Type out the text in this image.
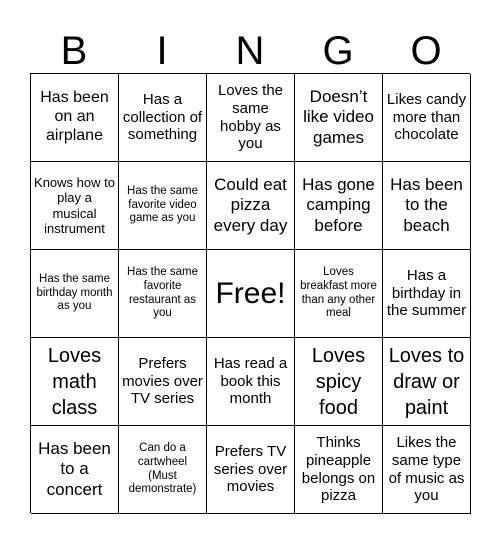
B	I	N	G	O
Has been on an airplane
Has a collection of something
Loves the same hobby as you
Doesn’t like video games
Likes candy more than chocolate
Knows how to play a musical instrument
Has the same favorite video game as you
Could eat pizza every day
Has gone camping before
Has been to the beach
Has the same birthday month as you
Has the same favorite restaurant as you
Free!
Loves breakfast more than any other meal
Has a birthday in the summer
Loves math class
Prefers movies over TV series
Has read a book this month
Loves spicy food
Loves to draw or paint
Has been to a concert
Can do a cartwheel (Must demonstrate)
Prefers TV series over movies
Thinks pineapple belongs on pizza
Likes the same type of music as you
